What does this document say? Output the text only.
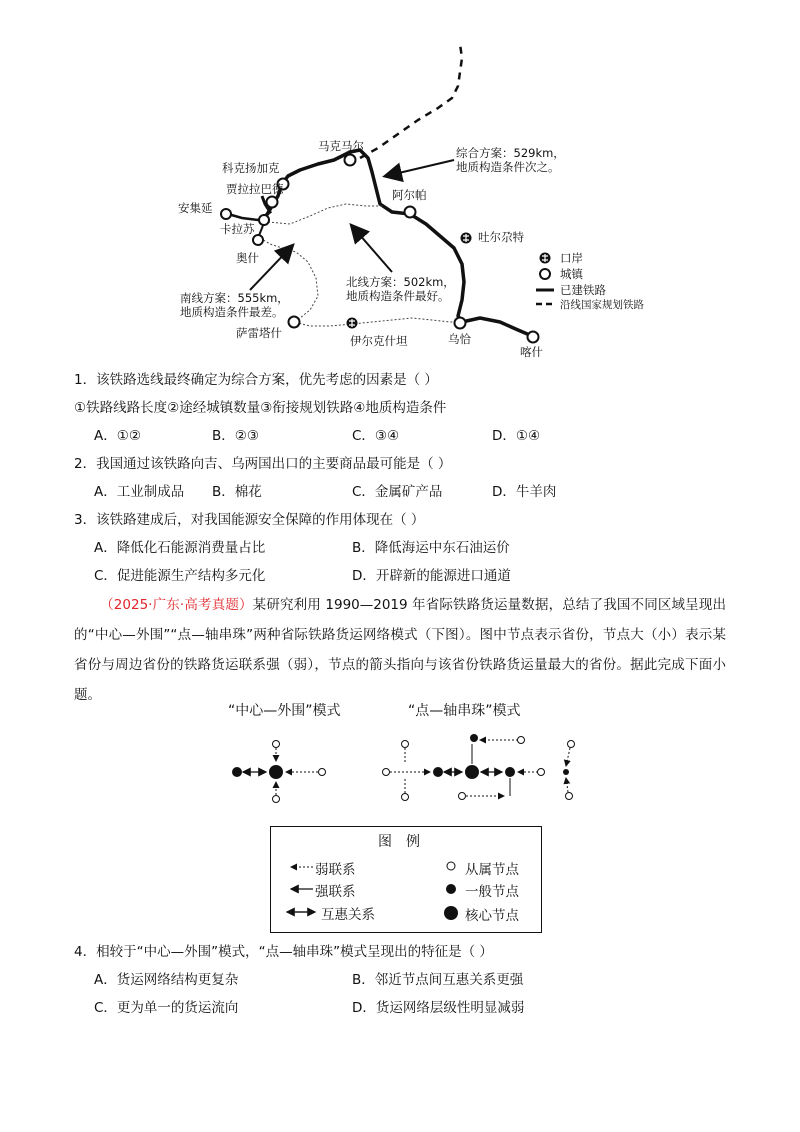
马克马尔
科克扬加克
贾拉拉巴德
安集延
卡拉苏
奥什
阿尔帕
吐尔尕特
萨雷塔什
伊尔克什坦	乌恰
喀什
综合方案：529km，
地质构造条件次之。
北线方案：502km，
地质构造条件最好。
南线方案：555km，
地质构造条件最差。
口岸
城镇
已建铁路
沿线国家规划铁路
1．该铁路选线最终确定为综合方案，优先考虑的因素是（ ）
①铁路线路长度②途经城镇数量③衔接规划铁路④地质构造条件
A．①②	B．②③	C．③④	D．①④
2．我国通过该铁路向吉、乌两国出口的主要商品最可能是（ ）
A．工业制成品 B．棉花	C．金属矿产品	D．牛羊肉
3．该铁路建成后，对我国能源安全保障的作用体现在（ ）
A．降低化石能源消费量占比	B．降低海运中东石油运价
C．促进能源生产结构多元化	D．开辟新的能源进口通道
（2025·广东·高考真题）某研究利用 1990—2019 年省际铁路货运量数据，总结了我国不同区域呈现出的“中心—外围”“点—轴串珠”两种省际铁路货运网络模式（下图）。图中节点表示省份，节点大（小）表示某省份与周边省份的铁路货运联系强（弱），节点的箭头指向与该省份铁路货运量最大的省份。据此完成下面小题。
“中心—外围”模式	“点—轴串珠”模式
图例
弱联系
强联系
互惠关系
从属节点
一般节点
核心节点
4．相较于“中心—外围”模式，“点—轴串珠”模式呈现出的特征是（ ）
A．货运网络结构更复杂	B．邻近节点间互惠关系更强
C．更为单一的货运流向	D．货运网络层级性明显减弱
